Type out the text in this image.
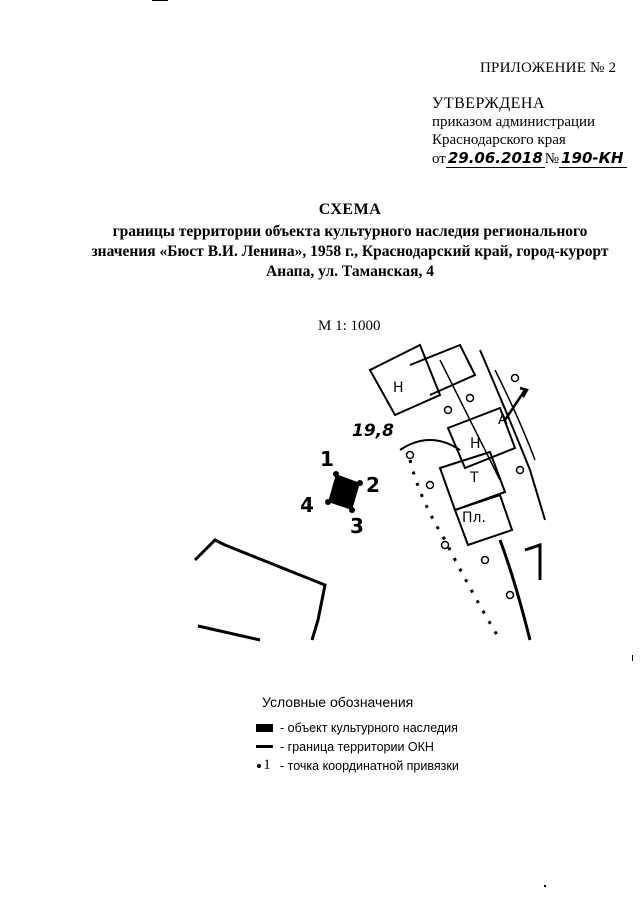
ПРИЛОЖЕНИЕ № 2
УТВЕРЖДЕНА
приказом администрации
Краснодарского края
от 29.06.2018 № 190-КН
СХЕМА
границы территории объекта культурного наследия регионального
значения «Бюст В.И. Ленина», 1958 г., Краснодарский край, город-курорт
Анапа, ул. Таманская, 4
М 1: 1000
1
2
3
4
19,8
Н
Н
Т
Пл.
А
Условные обозначения
- объект культурного наследия
- граница территории ОКН
1 - точка координатной привязки
